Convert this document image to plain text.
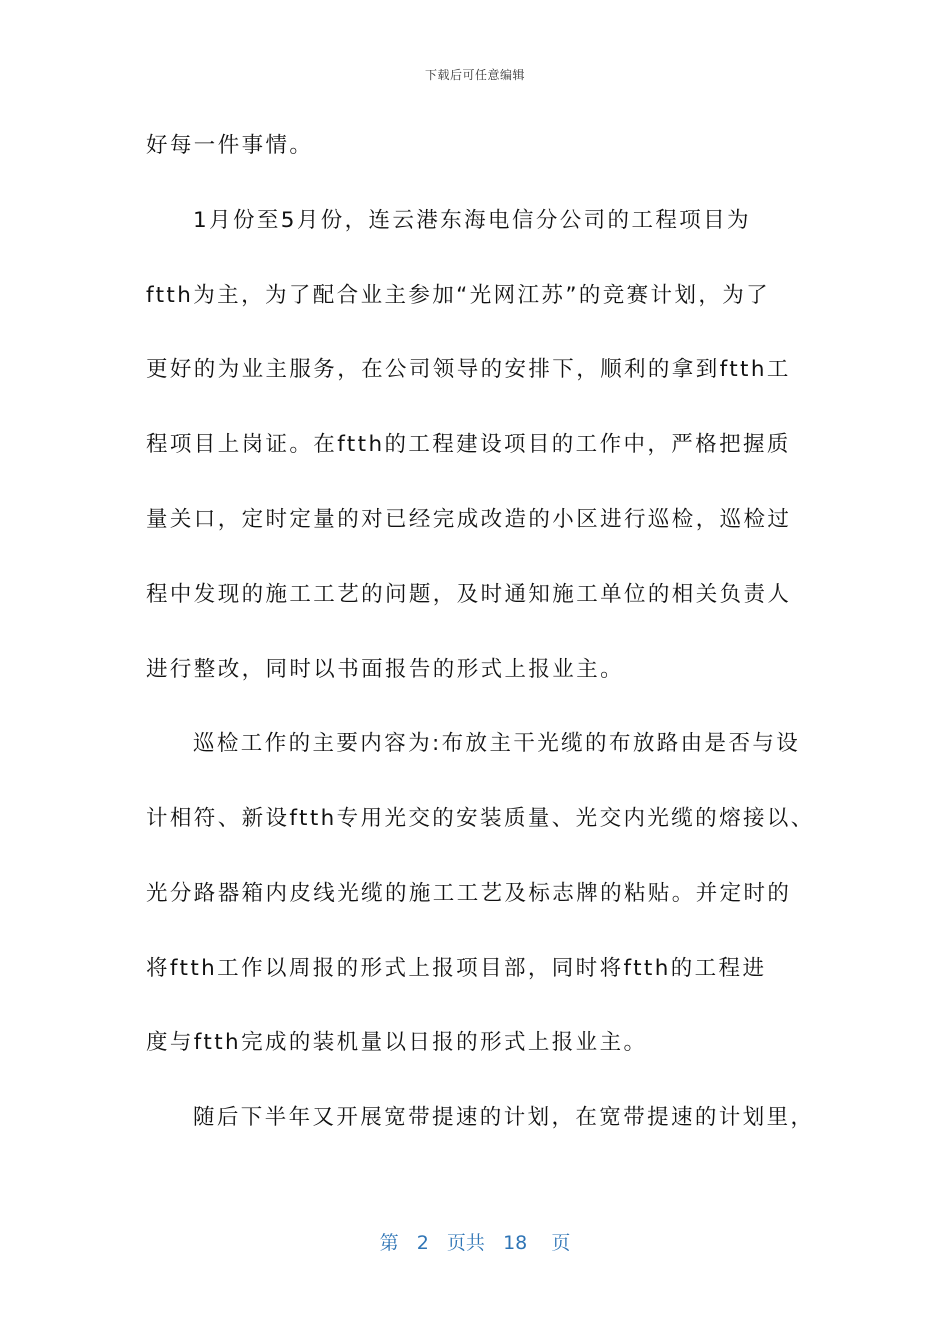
下载后可任意编辑
好每一件事情。
1月份至5月份，连云港东海电信分公司的工程项目为
ftth为主，为了配合业主参加“光网江苏”的竞赛计划，为了
更好的为业主服务，在公司领导的安排下，顺利的拿到ftth工
程项目上岗证。在ftth的工程建设项目的工作中，严格把握质
量关口，定时定量的对已经完成改造的小区进行巡检，巡检过
程中发现的施工工艺的问题，及时通知施工单位的相关负责人
进行整改，同时以书面报告的形式上报业主。
巡检工作的主要内容为:布放主干光缆的布放路由是否与设
计相符、新设ftth专用光交的安装质量、光交内光缆的熔接以、
光分路器箱内皮线光缆的施工工艺及标志牌的粘贴。并定时的
将ftth工作以周报的形式上报项目部，同时将ftth的工程进
度与ftth完成的装机量以日报的形式上报业主。
随后下半年又开展宽带提速的计划，在宽带提速的计划里，
第 2 页共 18 页
